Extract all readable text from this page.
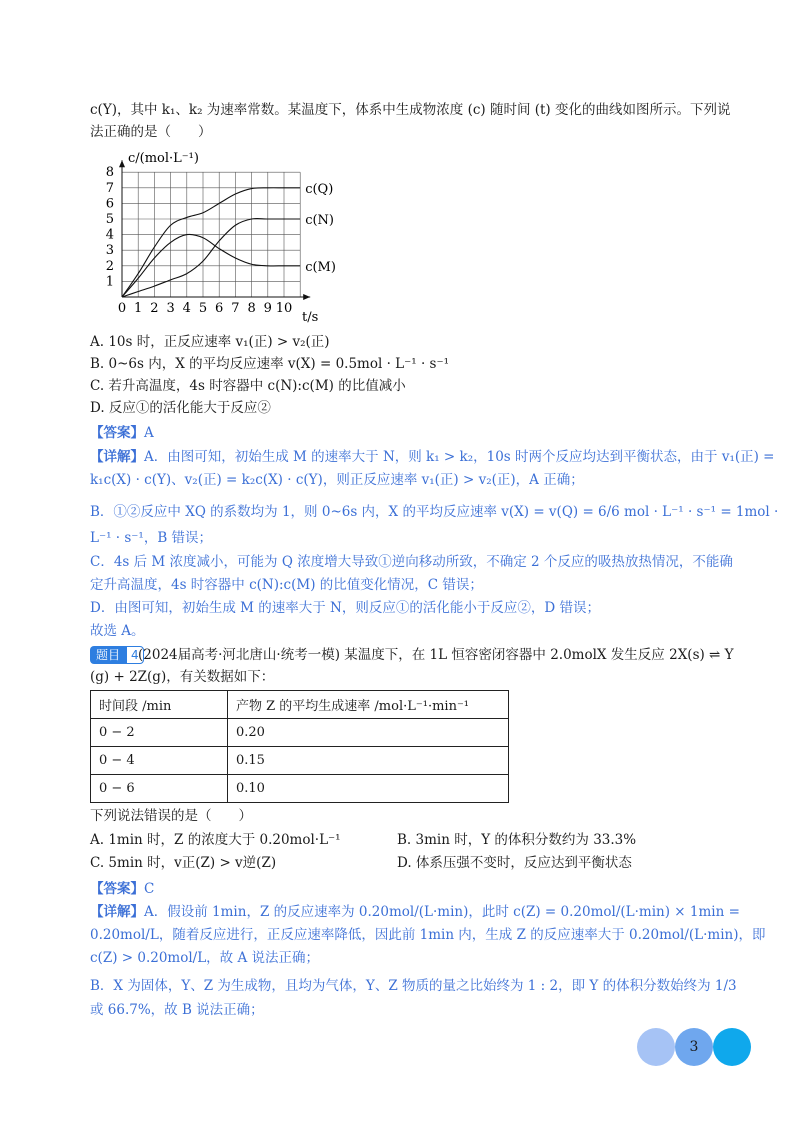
c(Y)，其中 k₁、k₂ 为速率常数。某温度下，体系中生成物浓度 (c) 随时间 (t) 变化的曲线如图所示。下列说
法正确的是（　　）
0 1 2 3 4 5 6 7 8 9 10
1
2
3
4
5
6
7
8
c(Q)
c(N)
c(M)
c/(mol·L⁻¹)
t/s
A. 10s 时，正反应速率 v₁(正) > v₂(正)
B. 0~6s 内，X 的平均反应速率 v(X) = 0.5mol · L⁻¹ · s⁻¹
C. 若升高温度，4s 时容器中 c(N):c(M) 的比值减小
D. 反应①的活化能大于反应②
【答案】A
【详解】A．由图可知，初始生成 M 的速率大于 N，则 k₁ > k₂，10s 时两个反应均达到平衡状态，由于 v₁(正) =
k₁c(X) · c(Y)、v₂(正) = k₂c(X) · c(Y)，则正反应速率 v₁(正) > v₂(正)，A 正确；
B．①②反应中 XQ 的系数均为 1，则 0~6s 内，X 的平均反应速率 v(X) = v(Q) = 6/6 mol · L⁻¹ · s⁻¹ = 1mol ·
L⁻¹ · s⁻¹，B 错误；
C．4s 后 M 浓度减小，可能为 Q 浓度增大导致①逆向移动所致，不确定 2 个反应的吸热放热情况，不能确
定升高温度，4s 时容器中 c(N):c(M) 的比值变化情况，C 错误；
D．由图可知，初始生成 M 的速率大于 N，则反应①的活化能小于反应②，D 错误；
故选 A。
题目 4 (2024届高考·河北唐山·统考一模) 某温度下，在 1L 恒容密闭容器中 2.0molX 发生反应 2X(s) ⇌ Y
(g) + 2Z(g)，有关数据如下：
时间段 /min	产物 Z 的平均生成速率 /mol·L⁻¹·min⁻¹
0 − 2	0.20
0 − 4	0.15
0 − 6	0.10
下列说法错误的是（　　）
A. 1min 时，Z 的浓度大于 0.20mol·L⁻¹	B. 3min 时，Y 的体积分数约为 33.3%
C. 5min 时，v正(Z) > v逆(Z)	D. 体系压强不变时，反应达到平衡状态
【答案】C
【详解】A．假设前 1min，Z 的反应速率为 0.20mol/(L·min)，此时 c(Z) = 0.20mol/(L·min) × 1min =
0.20mol/L，随着反应进行，正反应速率降低，因此前 1min 内，生成 Z 的反应速率大于 0.20mol/(L·min)，即
c(Z) > 0.20mol/L，故 A 说法正确；
B．X 为固体，Y、Z 为生成物，且均为气体，Y、Z 物质的量之比始终为 1 : 2，即 Y 的体积分数始终为 1/3
或 66.7%，故 B 说法正确；
3
